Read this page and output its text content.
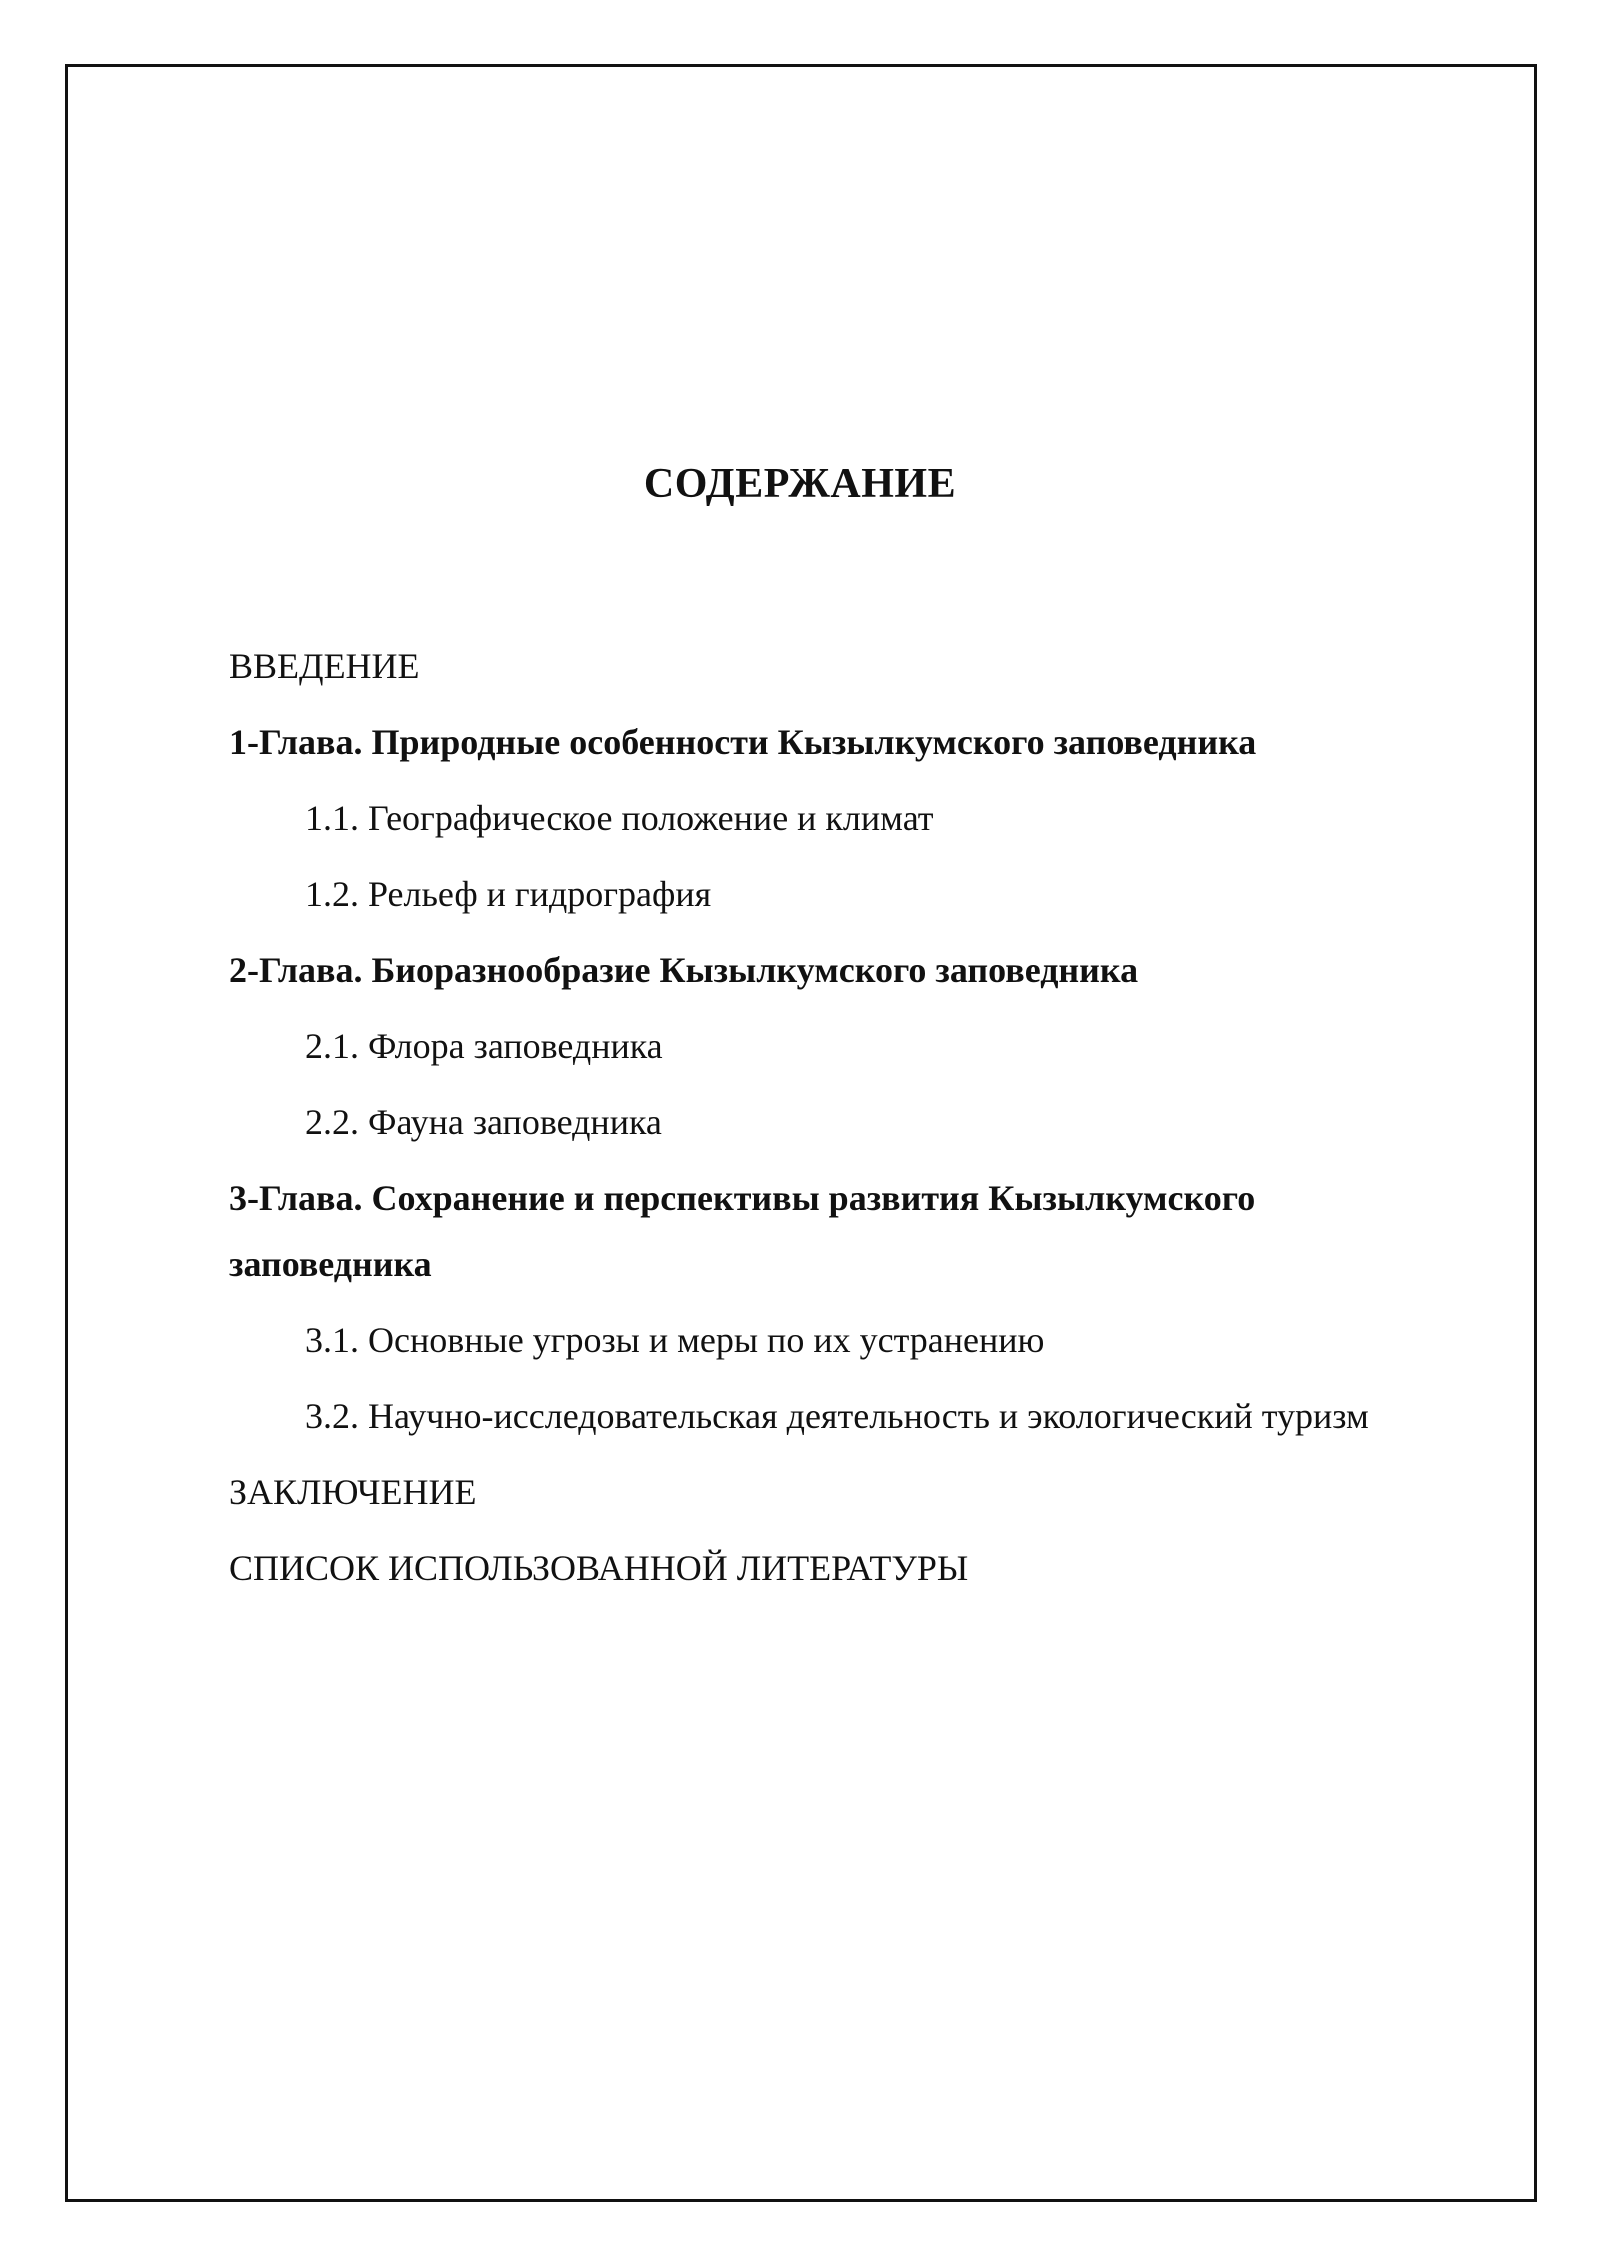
СОДЕРЖАНИЕ
ВВЕДЕНИЕ
1-Глава. Природные особенности Кызылкумского заповедника
1.1. Географическое положение и климат
1.2. Рельеф и гидрография
2-Глава. Биоразнообразие Кызылкумского заповедника
2.1. Флора заповедника
2.2. Фауна заповедника
3-Глава. Сохранение и перспективы развития Кызылкумского
заповедника
3.1. Основные угрозы и меры по их устранению
3.2. Научно-исследовательская деятельность и экологический туризм
ЗАКЛЮЧЕНИЕ
СПИСОК ИСПОЛЬЗОВАННОЙ ЛИТЕРАТУРЫ
